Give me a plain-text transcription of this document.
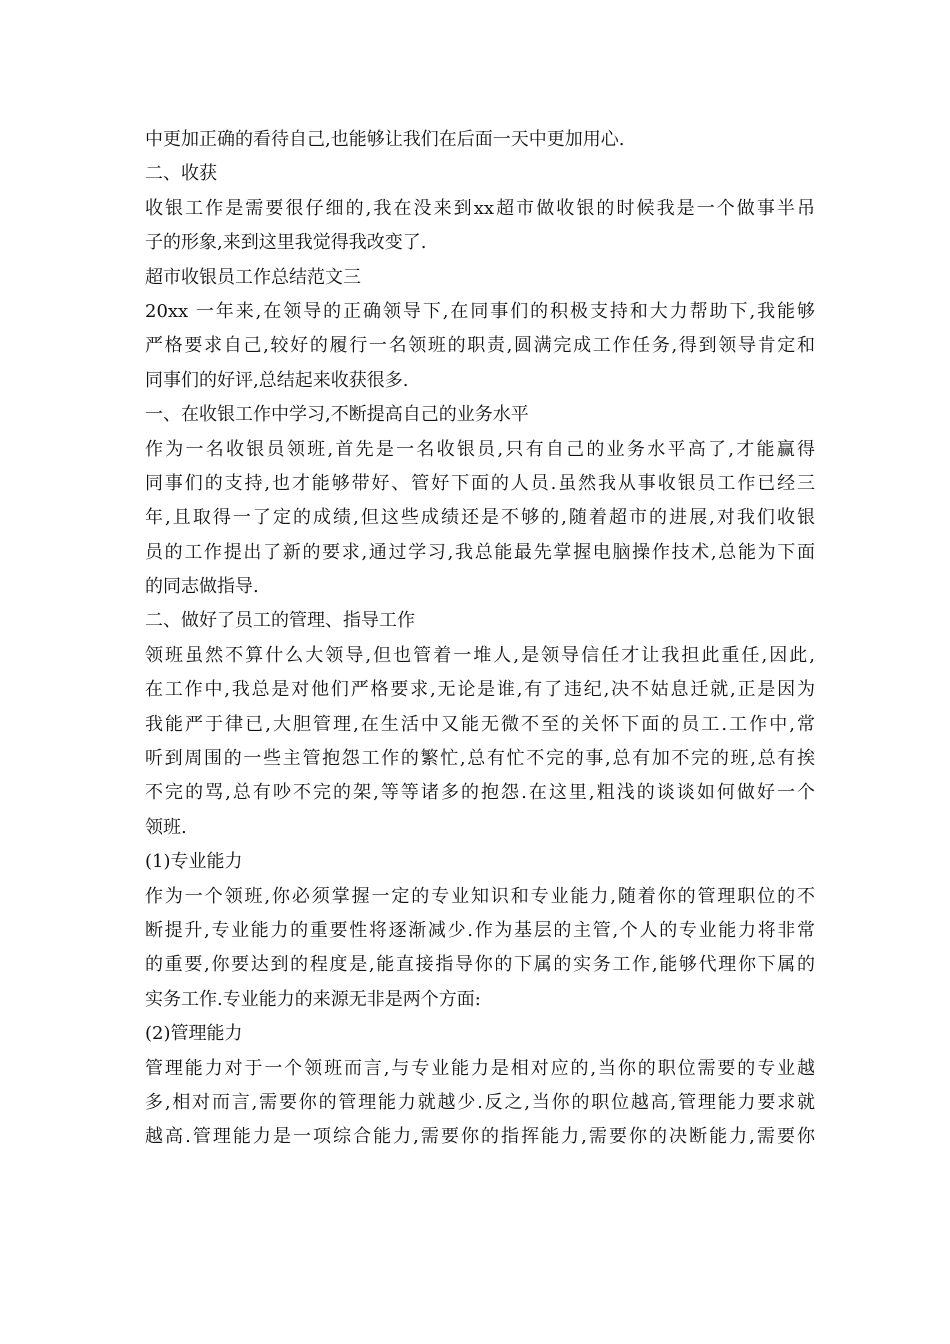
中更加正确的看待自己,也能够让我们在后面一天中更加用心.
二、收获
收银工作是需要很仔细的,我在没来到xx超市做收银的时候我是一个做事半吊
子的形象,来到这里我觉得我改变了.
超市收银员工作总结范文三
20xx 一年来,在领导的正确领导下,在同事们的积极支持和大力帮助下,我能够
严格要求自己,较好的履行一名领班的职责,圆满完成工作任务,得到领导肯定和
同事们的好评,总结起来收获很多.
一、在收银工作中学习,不断提高自己的业务水平
作为一名收银员领班,首先是一名收银员,只有自己的业务水平高了,才能赢得
同事们的支持,也才能够带好、管好下面的人员.虽然我从事收银员工作已经三
年,且取得一了定的成绩,但这些成绩还是不够的,随着超市的进展,对我们收银
员的工作提出了新的要求,通过学习,我总能最先掌握电脑操作技术,总能为下面
的同志做指导.
二、做好了员工的管理、指导工作
领班虽然不算什么大领导,但也管着一堆人,是领导信任才让我担此重任,因此,
在工作中,我总是对他们严格要求,无论是谁,有了违纪,决不姑息迁就,正是因为
我能严于律已,大胆管理,在生活中又能无微不至的关怀下面的员工.工作中,常
听到周围的一些主管抱怨工作的繁忙,总有忙不完的事,总有加不完的班,总有挨
不完的骂,总有吵不完的架,等等诸多的抱怨.在这里,粗浅的谈谈如何做好一个
领班.
(1)专业能力
作为一个领班,你必须掌握一定的专业知识和专业能力,随着你的管理职位的不
断提升,专业能力的重要性将逐渐减少.作为基层的主管,个人的专业能力将非常
的重要,你要达到的程度是,能直接指导你的下属的实务工作,能够代理你下属的
实务工作.专业能力的来源无非是两个方面:
(2)管理能力
管理能力对于一个领班而言,与专业能力是相对应的,当你的职位需要的专业越
多,相对而言,需要你的管理能力就越少.反之,当你的职位越高,管理能力要求就
越高.管理能力是一项综合能力,需要你的指挥能力,需要你的决断能力,需要你
